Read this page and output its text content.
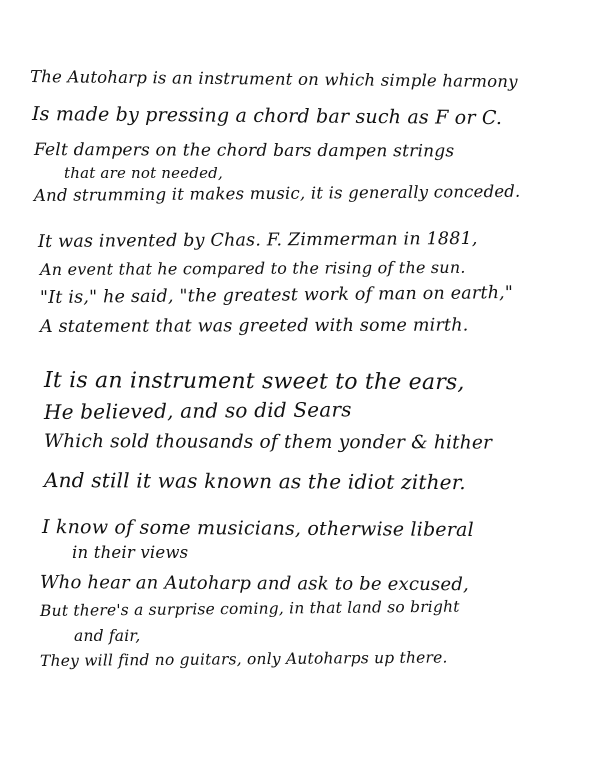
The Autoharp is an instrument on which simple harmony
Is made by pressing a chord bar such as F or C.
Felt dampers on the chord bars dampen strings
that are not needed,
And strumming it makes music, it is generally conceded.
It was invented by Chas. F. Zimmerman in 1881,
An event that he compared to the rising of the sun.
"It is," he said, "the greatest work of man on earth,"
A statement that was greeted with some mirth.
It is an instrument sweet to the ears,
He believed, and so did Sears
Which sold thousands of them yonder & hither
And still it was known as the idiot zither.
I know of some musicians, otherwise liberal
in their views
Who hear an Autoharp and ask to be excused,
But there's a surprise coming, in that land so bright
and fair,
They will find no guitars, only Autoharps up there.
